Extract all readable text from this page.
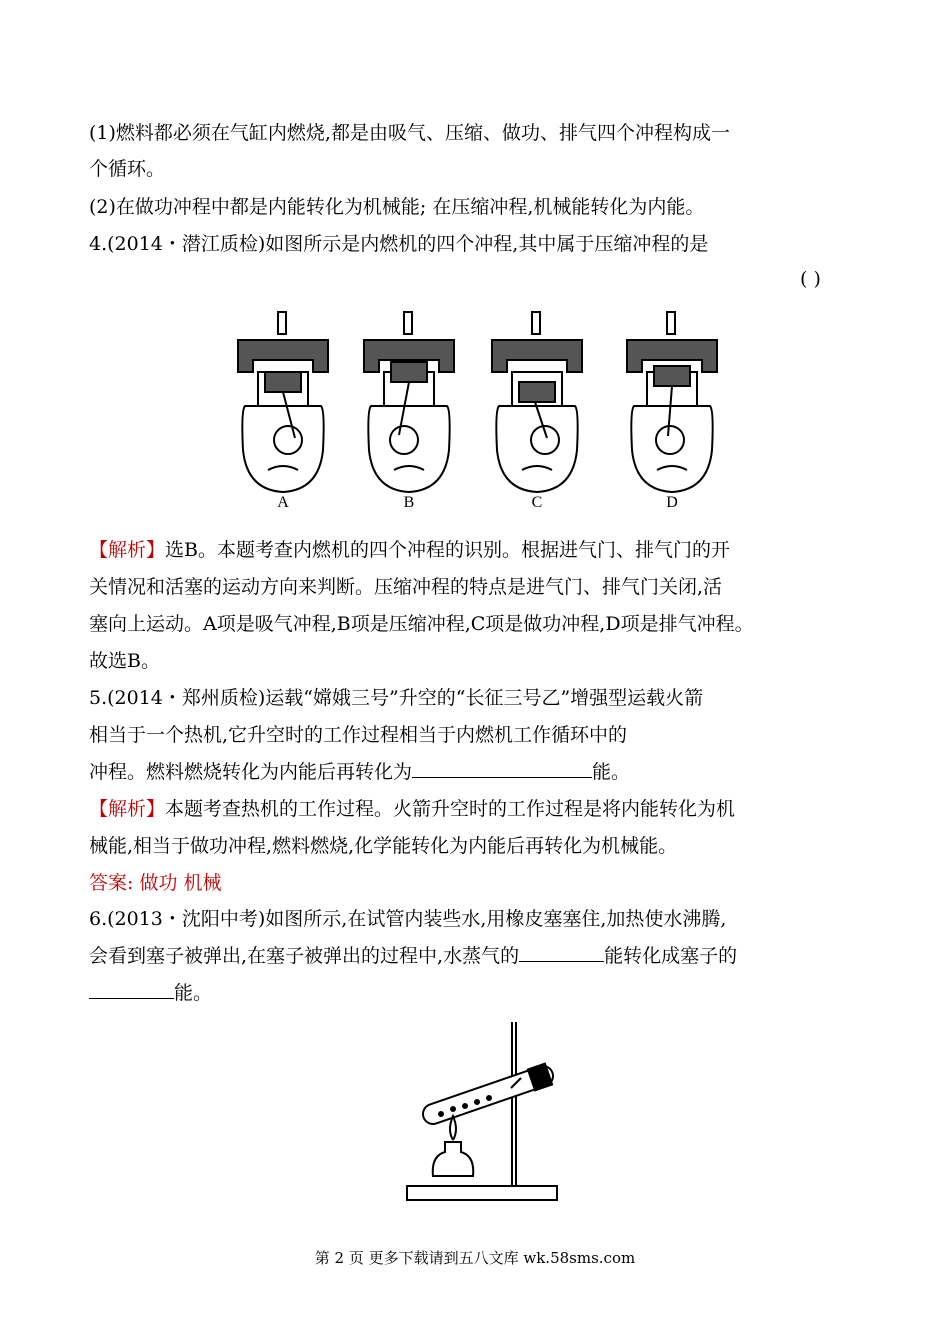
(1)燃料都必须在气缸内燃烧,都是由吸气、压缩、做功、排气四个冲程构成一
个循环。
(2)在做功冲程中都是内能转化为机械能; 在压缩冲程,机械能转化为内能。
4.(2014・潜江质检)如图所示是内燃机的四个冲程,其中属于压缩冲程的是
( )
A	B	C	D
【解析】选B。本题考查内燃机的四个冲程的识别。根据进气门、排气门的开
关情况和活塞的运动方向来判断。压缩冲程的特点是进气门、排气门关闭,活
塞向上运动。A项是吸气冲程,B项是压缩冲程,C项是做功冲程,D项是排气冲程。
故选B。
5.(2014・郑州质检)运载“嫦娥三号”升空的“长征三号乙”增强型运载火箭
相当于一个热机,它升空时的工作过程相当于内燃机工作循环中的
冲程。燃料燃烧转化为内能后再转化为	能。
【解析】本题考查热机的工作过程。火箭升空时的工作过程是将内能转化为机
械能,相当于做功冲程,燃料燃烧,化学能转化为内能后再转化为机械能。
答案: 做功 机械
6.(2013・沈阳中考)如图所示,在试管内装些水,用橡皮塞塞住,加热使水沸腾,
会看到塞子被弹出,在塞子被弹出的过程中,水蒸气的	能转化成塞子的
能。
第 2 页 更多下载请到五八文库 wk.58sms.com
